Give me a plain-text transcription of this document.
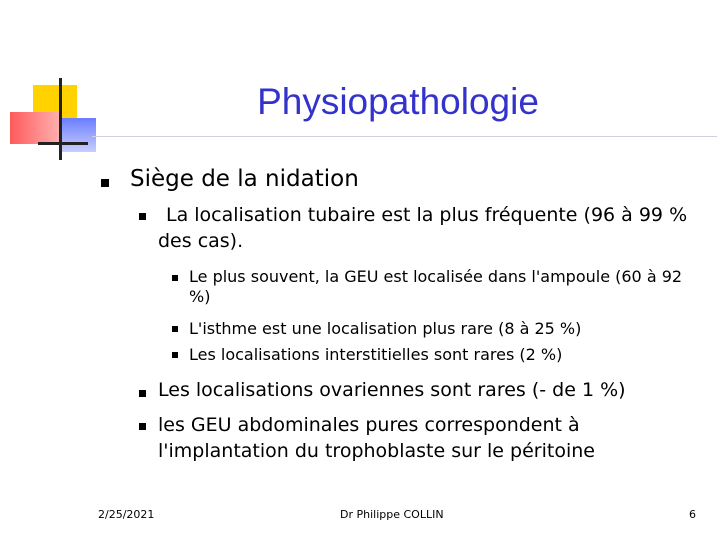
Physiopathologie
Siège de la nidation
La localisation tubaire est la plus fréquente (96 à 99 % des cas).
Le plus souvent, la GEU est localisée dans l'ampoule (60 à 92 %)
L'isthme est une localisation plus rare (8 à 25 %)
Les localisations interstitielles sont rares (2 %)
Les localisations ovariennes sont rares (- de 1 %)
les GEU abdominales pures correspondent à l'implantation du trophoblaste sur le péritoine
2/25/2021	Dr Philippe COLLIN	6
